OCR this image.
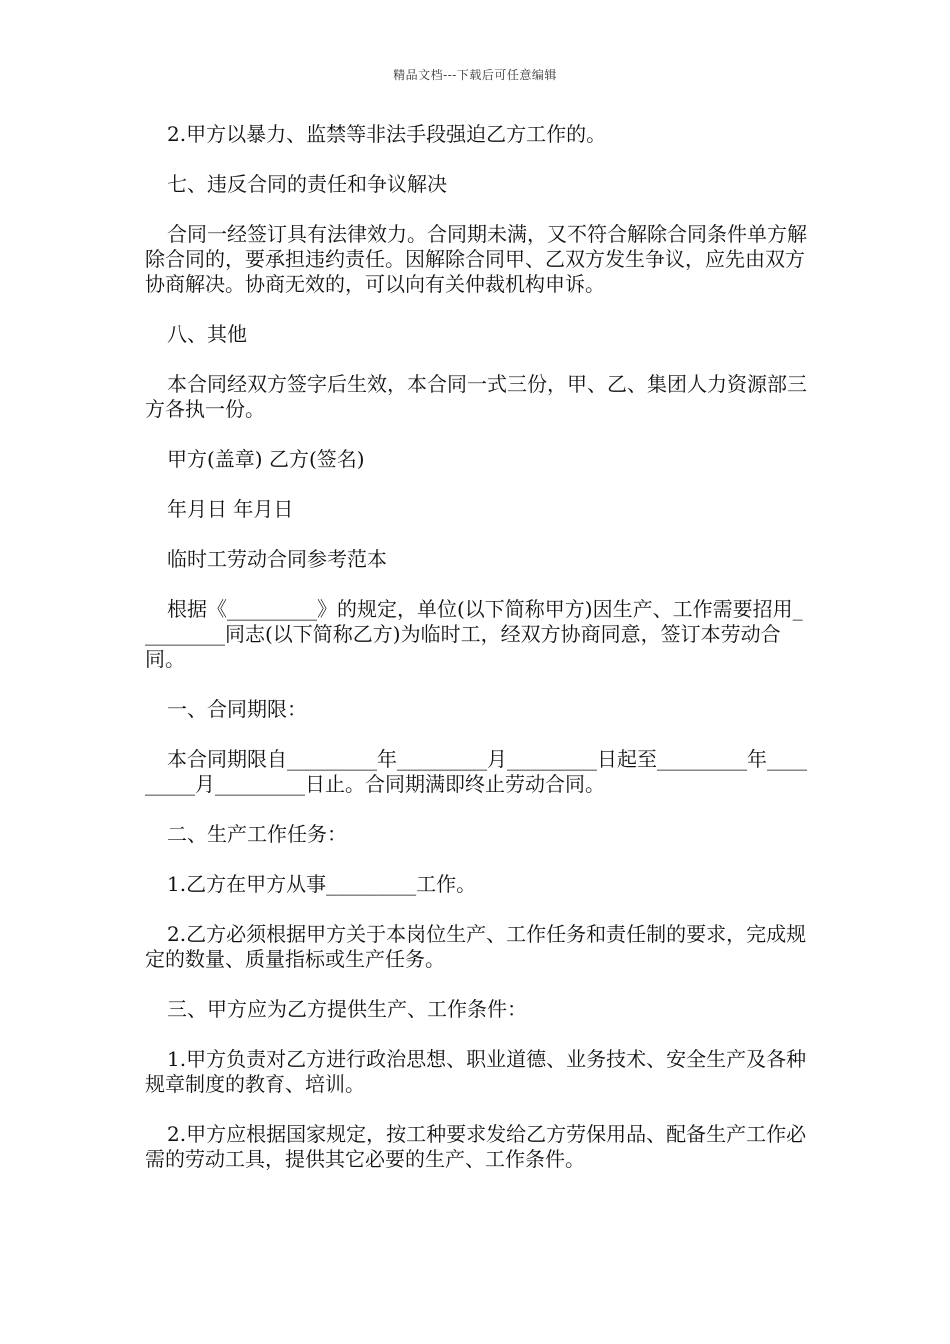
精品文档---下载后可任意编辑

2.甲方以暴力、监禁等非法手段强迫乙方工作的。

七、违反合同的责任和争议解决

合同一经签订具有法律效力。合同期未满，又不符合解除合同条件单方解除合同的，要承担违约责任。因解除合同甲、乙双方发生争议，应先由双方协商解决。协商无效的，可以向有关仲裁机构申诉。

八、其他

本合同经双方签字后生效，本合同一式三份，甲、乙、集团人力资源部三方各执一份。

甲方(盖章) 乙方(签名)

年月日 年月日

临时工劳动合同参考范本

根据《_________》的规定，单位(以下简称甲方)因生产、工作需要招用_________同志(以下简称乙方)为临时工，经双方协商同意，签订本劳动合同。

一、合同期限：

本合同期限自_________年_________月_________日起至_________年_________月_________日止。合同期满即终止劳动合同。

二、生产工作任务：

1.乙方在甲方从事_________工作。

2.乙方必须根据甲方关于本岗位生产、工作任务和责任制的要求，完成规定的数量、质量指标或生产任务。

三、甲方应为乙方提供生产、工作条件：

1.甲方负责对乙方进行政治思想、职业道德、业务技术、安全生产及各种规章制度的教育、培训。

2.甲方应根据国家规定，按工种要求发给乙方劳保用品、配备生产工作必需的劳动工具，提供其它必要的生产、工作条件。
